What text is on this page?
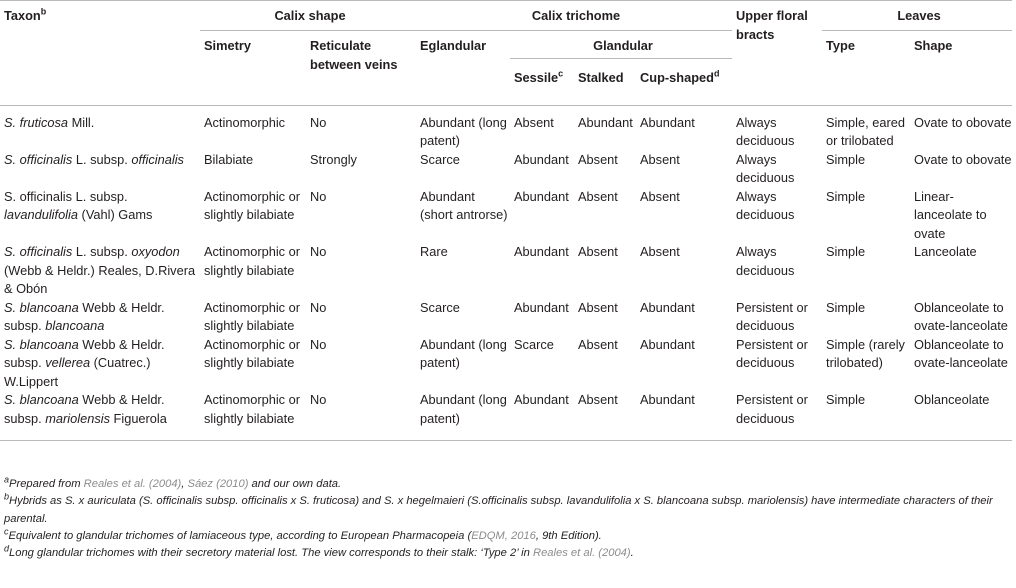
Taxon$^b$	Calix shape		Calix trichome				Upper floral bracts	Leaves	
	Simetry	Reticulate between veins	Eglandular	Glandular				Type	Shape
				Sessile$^c$	Stalked	Cup-shaped$^d$

S. fruticosa Mill.	Actinomorphic	No	Abundant (long patent)	Absent	Abundant	Abundant	Always deciduous	Simple, eared or trilobated	Ovate to obovate
S. officinalis L. subsp. officinalis	Bilabiate	Strongly	Scarce	Abundant	Absent	Absent	Always deciduous	Simple	Ovate to obovate
S. officinalis L. subsp. lavandulifolia (Vahl) Gams	Actinomorphic or slightly bilabiate	No	Abundant (short antrorse)	Abundant	Absent	Absent	Always deciduous	Simple	Linear-lanceolate to ovate
S. officinalis L. subsp. oxyodon (Webb & Heldr.) Reales, D.Rivera & Obón	Actinomorphic or slightly bilabiate	No	Rare	Abundant	Absent	Absent	Always deciduous	Simple	Lanceolate
S. blancoana Webb & Heldr. subsp. blancoana	Actinomorphic or slightly bilabiate	No	Scarce	Abundant	Absent	Abundant	Persistent or deciduous	Simple	Oblanceolate to ovate-lanceolate
S. blancoana Webb & Heldr. subsp. vellerea (Cuatrec.) W.Lippert	Actinomorphic or slightly bilabiate	No	Abundant (long patent)	Scarce	Absent	Abundant	Persistent or deciduous	Simple (rarely trilobated)	Oblanceolate to ovate-lanceolate
S. blancoana Webb & Heldr. subsp. mariolensis Figuerola	Actinomorphic or slightly bilabiate	No	Abundant (long patent)	Abundant	Absent	Abundant	Persistent or deciduous	Simple	Oblanceolate
$^a$Prepared from Reales et al. (2004), Sáez (2010) and our own data.
$^b$Hybrids as S. x auriculata (S. officinalis subsp. officinalis x S. fruticosa) and S. x hegelmaieri (S.officinalis subsp. lavandulifolia x S. blancoana subsp. mariolensis) have intermediate characters of their parental.
$^c$Equivalent to glandular trichomes of lamiaceous type, according to European Pharmacopeia (EDQM, 2016, 9th Edition).
$^d$Long glandular trichomes with their secretory material lost. The view corresponds to their stalk: ‘Type 2’ in Reales et al. (2004).
